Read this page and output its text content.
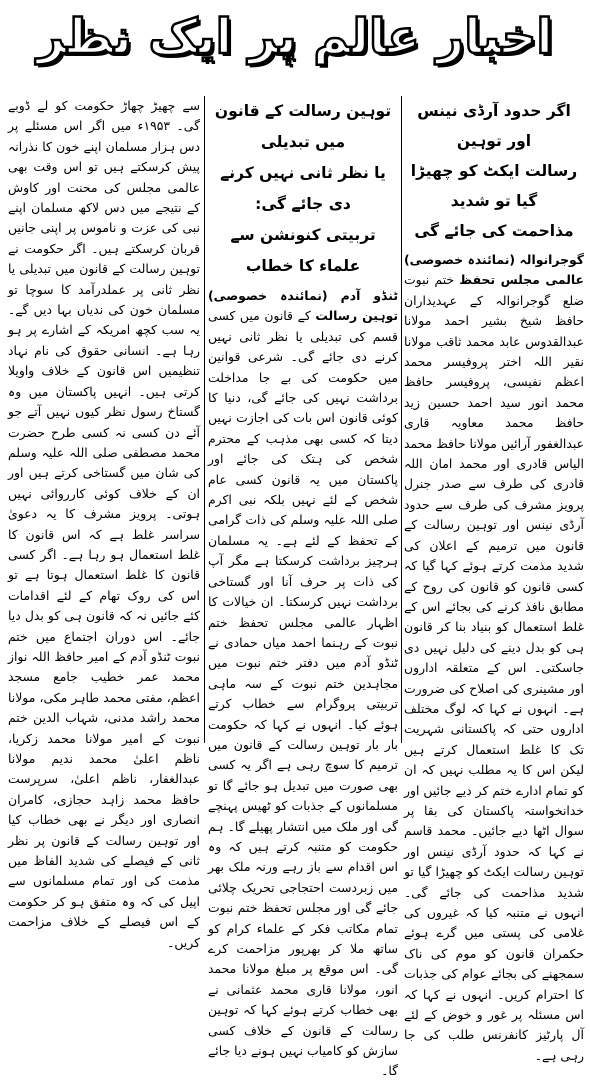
اخبار عالم پر ایک نظر
اگر حدود آرڈی نینس اور توہین
رسالت ایکٹ کو چھیڑا گیا تو شدید
مذاحمت کی جائے گی

گوجرانوالہ (نمائندہ خصوصی) عالمی مجلس تحفظ ختم نبوت ضلع گوجرانوالہ کے عہدیداران حافظ شیخ بشیر احمد مولانا عبدالقدوس عابد محمد ثاقب مولانا نقیر اللہ اختر پروفیسر محمد اعظم نفیسی، پروفیسر حافظ محمد انور سید احمد حسین زید حافظ محمد معاویہ قاری عبدالغفور آرائیں مولانا حافظ محمد الیاس قادری اور محمد امان اللہ قادری کی طرف سے صدر جنرل پرویز مشرف کی طرف سے حدود آرڈی نینس اور توہین رسالت کے قانون میں ترمیم کے اعلان کی شدید مذمت کرتے ہوئے کہا گیا کہ کسی قانون کو قانون کی روح کے مطابق نافذ کرنے کی بجائے اس کے غلط استعمال کو بنیاد بنا کر قانون ہی کو بدل دینے کی دلیل نہیں دی جاسکتی۔ اس کے متعلقہ اداروں اور مشینری کی اصلاح کی ضرورت ہے۔ انہوں نے کہا کہ لوگ مختلف اداروں حتی کہ پاکستانی شہریت تک کا غلط استعمال کرتے ہیں لیکن اس کا یہ مطلب نہیں کہ ان کو تمام ادارے ختم کر دیے جائیں اور خدانخواستہ پاکستان کی بقا پر سوال اٹھا دیے جائیں۔ محمد قاسم نے کہا کہ حدود آرڈی نینس اور توہین رسالت ایکٹ کو چھیڑا گیا تو شدید مذاحمت کی جائے گی۔ انہوں نے متنبہ کیا کہ غیروں کی غلامی کی پستی میں گرے ہوئے حکمران قانون کو موم کی ناک سمجھنے کی بجائے عوام کی جذبات کا احترام کریں۔ انہوں نے کہا کہ اس مسئلہ پر غور و خوض کے لئے آل پارٹیز کانفرنس طلب کی جا رہی ہے۔

توہین رسالت کے قانون میں تبدیلی
یا نظر ثانی نہیں کرنے دی جائے گی:
تربیتی کنونشن سے علماء کا خطاب

ٹنڈو آدم (نمائندہ خصوصی) توہین رسالت کے قانون میں کسی قسم کی تبدیلی یا نظر ثانی نہیں کرنے دی جائے گی۔ شرعی قوانین میں حکومت کی بے جا مداخلت برداشت نہیں کی جائے گی، دنیا کا کوئی قانون اس بات کی اجازت نہیں دیتا کہ کسی بھی مذہب کے محترم شخص کی ہتک کی جائے اور پاکستان میں یہ قانون کسی عام شخص کے لئے نہیں بلکہ نبی اکرم صلی اللہ علیہ وسلم کی ذات گرامی کے تحفظ کے لئے ہے۔ یہ مسلمان ہرچیز برداشت کرسکتا ہے مگر آپ کی ذات پر حرف آنا اور گستاخی برداشت نہیں کرسکتا۔ ان خیالات کا اظہار عالمی مجلس تحفظ ختم نبوت کے رہنما احمد میاں حمادی نے ٹنڈو آدم میں دفتر ختم نبوت میں مجاہدین ختم نبوت کے سہ ماہی تربیتی پروگرام سے خطاب کرتے ہوئے کیا۔ انہوں نے کہا کہ حکومت بار بار توہین رسالت کے قانون میں ترمیم کا سوچ رہی ہے اگر یہ کسی بھی صورت میں تبدیل ہو جائے گا تو مسلمانوں کے جذبات کو ٹھیس پہنچے گی اور ملک میں انتشار پھیلے گا۔ ہم حکومت کو متنبہ کرتے ہیں کہ وہ اس اقدام سے باز رہے ورنہ ملک بھر میں زبردست احتجاجی تحریک چلائی جائے گی اور مجلس تحفظ ختم نبوت تمام مکاتب فکر کے علماء کرام کو ساتھ ملا کر بھرپور مزاحمت کرے گی۔ اس موقع پر مبلغ مولانا محمد انور، مولانا قاری محمد عثمانی نے بھی خطاب کرتے ہوئے کہا کہ توہین رسالت کے قانون کے خلاف کسی سازش کو کامیاب نہیں ہونے دیا جائے گا۔

سے چھیڑ چھاڑ حکومت کو لے ڈوبے گی۔ ۱۹۵۳ء میں اگر اس مسئلے پر دس ہزار مسلمان اپنے خون کا نذرانہ پیش کرسکتے ہیں تو اس وقت بھی عالمی مجلس کی محنت اور کاوش کے نتیجے میں دس لاکھ مسلمان اپنے نبی کی عزت و ناموس پر اپنی جانیں قربان کرسکتے ہیں۔ اگر حکومت نے توہین رسالت کے قانون میں تبدیلی یا نظر ثانی پر عملدرآمد کا سوچا تو مسلمان خون کی ندیاں بہا دیں گے۔ یہ سب کچھ امریکہ کے اشارے پر ہو رہا ہے۔ انسانی حقوق کی نام نہاد تنظیمیں اس قانون کے خلاف واویلا کرتی ہیں۔ انہیں پاکستان میں وہ گستاخ رسول نظر کیوں نہیں آتے جو آئے دن کسی نہ کسی طرح حضرت محمد مصطفی صلی اللہ علیہ وسلم کی شان میں گستاخی کرتے ہیں اور ان کے خلاف کوئی کارروائی نہیں ہوتی۔ پرویز مشرف کا یہ دعویٰ سراسر غلط ہے کہ اس قانون کا غلط استعمال ہو رہا ہے۔ اگر کسی قانون کا غلط استعمال ہوتا ہے تو اس کی روک تھام کے لئے اقدامات کئے جائیں نہ کہ قانون ہی کو بدل دیا جائے۔ اس دوران اجتماع میں ختم نبوت ٹنڈو آدم کے امیر حافظ اللہ نواز محمد عمر خطیب جامع مسجد اعظم، مفتی محمد طاہر مکی، مولانا محمد راشد مدنی، شہاب الدین ختم نبوت کے امیر مولانا محمد زکریا، ناظم اعلیٰ محمد ندیم مولانا عبدالغفار، ناظم اعلیٰ، سرپرست حافظ محمد زاہد حجازی، کامران انصاری اور دیگر نے بھی خطاب کیا اور توہین رسالت کے قانون پر نظر ثانی کے فیصلے کی شدید الفاظ میں مذمت کی اور تمام مسلمانوں سے اپیل کی کہ وہ متفق ہو کر حکومت کے اس فیصلے کے خلاف مزاحمت کریں۔
